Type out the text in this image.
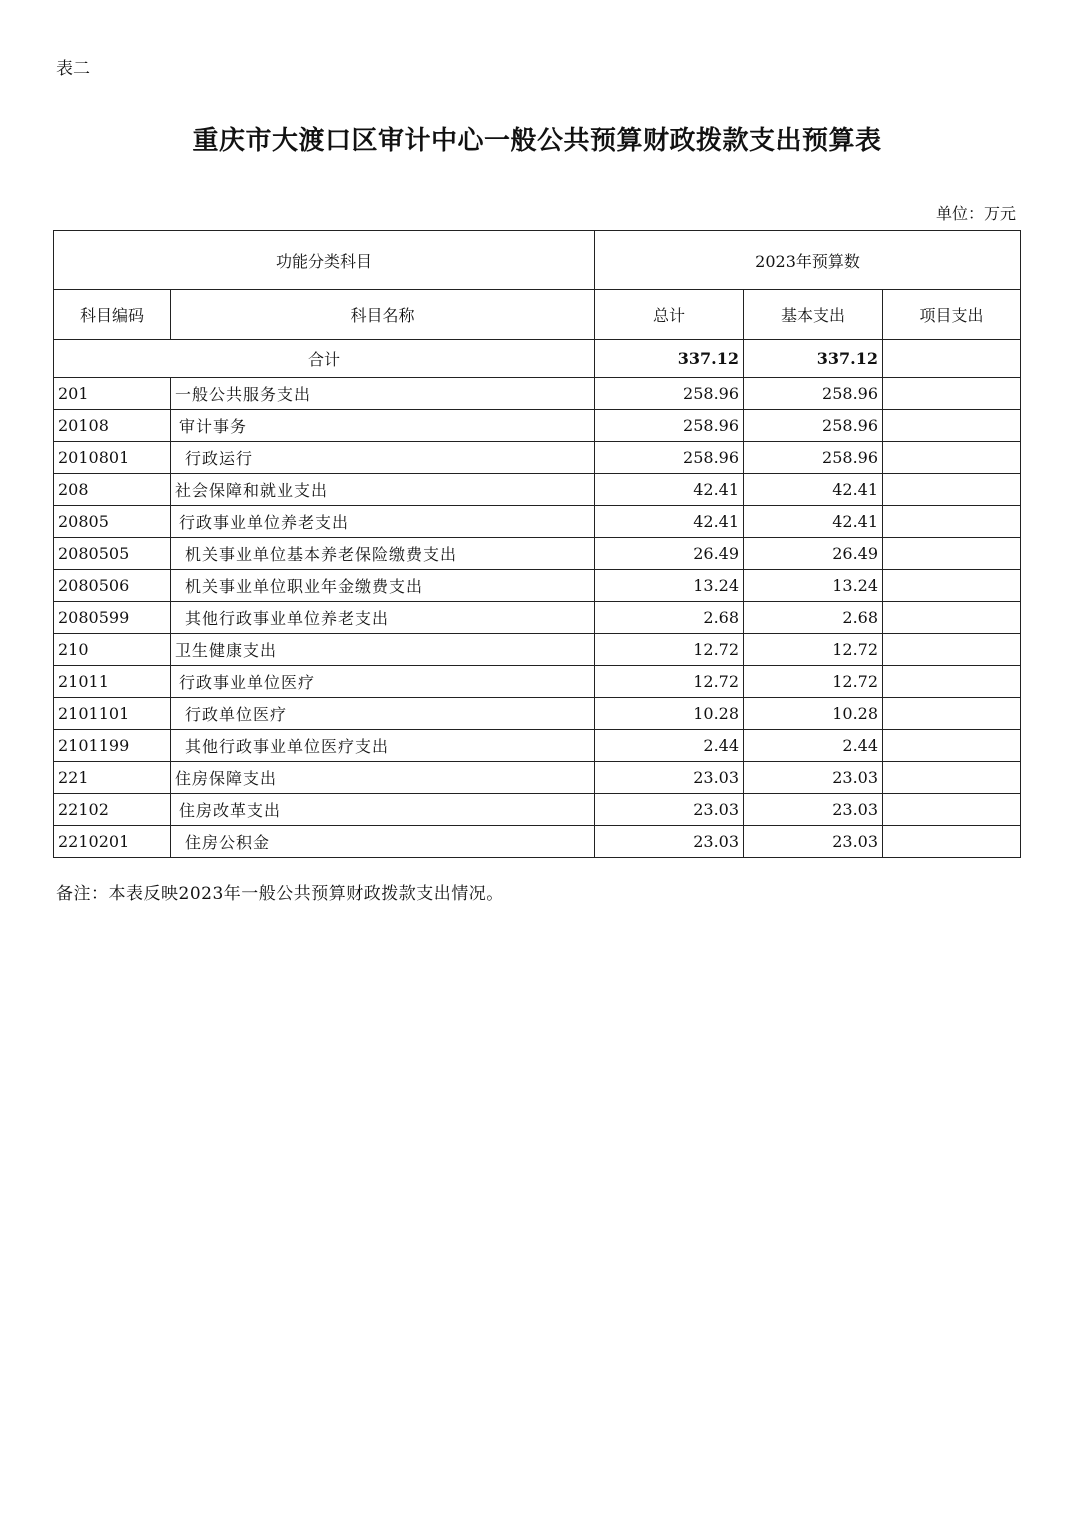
表二
重庆市大渡口区审计中心一般公共预算财政拨款支出预算表
单位：万元
功能分类科目		2023年预算数		
科目编码	科目名称	总计	基本支出	项目支出
合计		337.12	337.12	
201	一般公共服务支出	258.96	258.96	
20108	审计事务	258.96	258.96	
2010801	行政运行	258.96	258.96	
208	社会保障和就业支出	42.41	42.41	
20805	行政事业单位养老支出	42.41	42.41	
2080505	机关事业单位基本养老保险缴费支出	26.49	26.49	
2080506	机关事业单位职业年金缴费支出	13.24	13.24	
2080599	其他行政事业单位养老支出	2.68	2.68	
210	卫生健康支出	12.72	12.72	
21011	行政事业单位医疗	12.72	12.72	
2101101	行政单位医疗	10.28	10.28	
2101199	其他行政事业单位医疗支出	2.44	2.44	
221	住房保障支出	23.03	23.03	
22102	住房改革支出	23.03	23.03	
2210201	住房公积金	23.03	23.03	
备注：本表反映2023年一般公共预算财政拨款支出情况。
